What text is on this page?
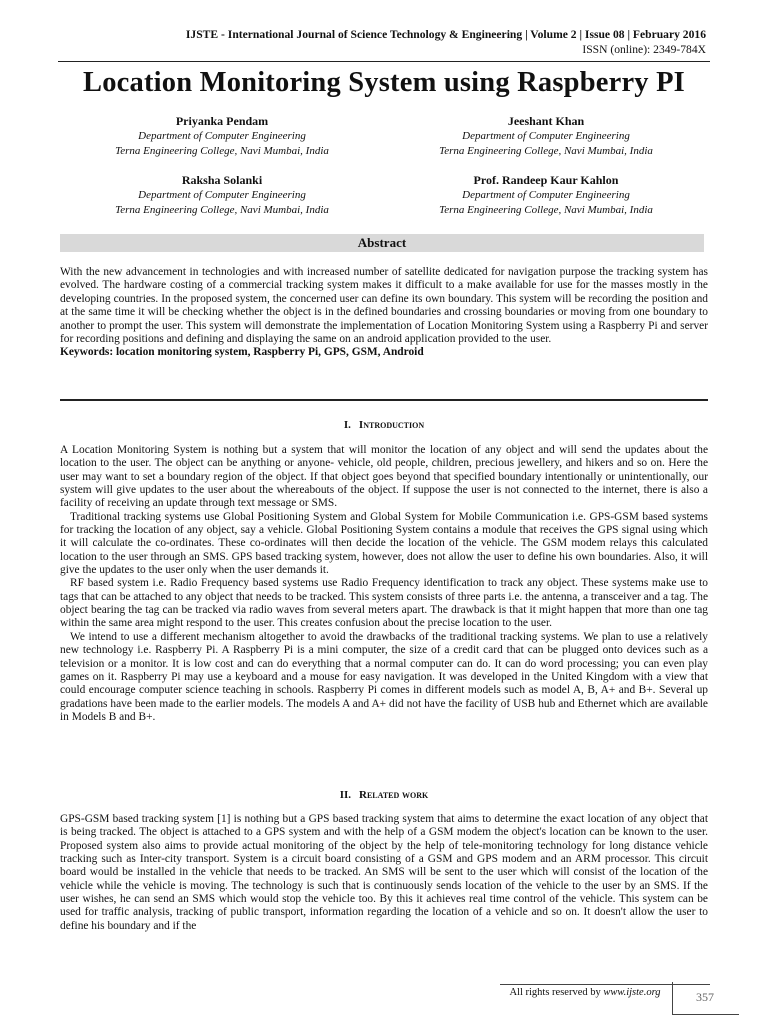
IJSTE - International Journal of Science Technology & Engineering | Volume 2 | Issue 08 | February 2016
ISSN (online): 2349-784X
Location Monitoring System using Raspberry PI
Priyanka Pendam
Department of Computer Engineering
Terna Engineering College, Navi Mumbai, India
Jeeshant Khan
Department of Computer Engineering
Terna Engineering College, Navi Mumbai, India
Raksha Solanki
Department of Computer Engineering
Terna Engineering College, Navi Mumbai, India
Prof. Randeep Kaur Kahlon
Department of Computer Engineering
Terna Engineering College, Navi Mumbai, India
Abstract
With the new advancement in technologies and with increased number of satellite dedicated for navigation purpose the tracking system has evolved. The hardware costing of a commercial tracking system makes it difficult to a make available for use for the masses mostly in the developing countries. In the proposed system, the concerned user can define its own boundary. This system will be recording the position and at the same time it will be checking whether the object is in the defined boundaries and crossing boundaries or moving from one boundary to another to prompt the user. This system will demonstrate the implementation of Location Monitoring System using a Raspberry Pi and server for recording positions and defining and displaying the same on an android application provided to the user.
Keywords: location monitoring system, Raspberry Pi, GPS, GSM, Android
I. Introduction

A Location Monitoring System is nothing but a system that will monitor the location of any object and will send the updates about the location to the user. The object can be anything or anyone- vehicle, old people, children, precious jewellery, and hikers and so on. Here the user may want to set a boundary region of the object. If that object goes beyond that specified boundary intentionally or unintentionally, our system will give updates to the user about the whereabouts of the object. If suppose the user is not connected to the internet, there is also a facility of receiving an update through text message or SMS.

Traditional tracking systems use Global Positioning System and Global System for Mobile Communication i.e. GPS-GSM based systems for tracking the location of any object, say a vehicle. Global Positioning System contains a module that receives the GPS signal using which it will calculate the co-ordinates. These co-ordinates will then decide the location of the vehicle. The GSM modem relays this calculated location to the user through an SMS. GPS based tracking system, however, does not allow the user to define his own boundaries. Also, it will give the updates to the user only when the user demands it.

RF based system i.e. Radio Frequency based systems use Radio Frequency identification to track any object. These systems make use to tags that can be attached to any object that needs to be tracked. This system consists of three parts i.e. the antenna, a transceiver and a tag. The object bearing the tag can be tracked via radio waves from several meters apart. The drawback is that it might happen that more than one tag within the same area might respond to the user. This creates confusion about the precise location to the user.

We intend to use a different mechanism altogether to avoid the drawbacks of the traditional tracking systems. We plan to use a relatively new technology i.e. Raspberry Pi. A Raspberry Pi is a mini computer, the size of a credit card that can be plugged onto devices such as a television or a monitor. It is low cost and can do everything that a normal computer can do. It can do word processing; you can even play games on it. Raspberry Pi may use a keyboard and a mouse for easy navigation. It was developed in the United Kingdom with a view that could encourage computer science teaching in schools. Raspberry Pi comes in different models such as model A, B, A+ and B+. Several up gradations have been made to the earlier models. The models A and A+ did not have the facility of USB hub and Ethernet which are available in Models B and B+.

II. Related work

GPS-GSM based tracking system [1] is nothing but a GPS based tracking system that aims to determine the exact location of any object that is being tracked. The object is attached to a GPS system and with the help of a GSM modem the object's location can be known to the user. Proposed system also aims to provide actual monitoring of the object by the help of tele-monitoring technology for long distance vehicle tracking such as Inter-city transport. System is a circuit board consisting of a GSM and GPS modem and an ARM processor. This circuit board would be installed in the vehicle that needs to be tracked. An SMS will be sent to the user which will consist of the location of the vehicle while the vehicle is moving. The technology is such that is continuously sends location of the vehicle to the user by an SMS. If the user wishes, he can send an SMS which would stop the vehicle too. By this it achieves real time control of the vehicle. This system can be used for traffic analysis, tracking of public transport, information regarding the location of a vehicle and so on. It doesn't allow the user to define his boundary and if the

All rights reserved by www.ijste.org	357
